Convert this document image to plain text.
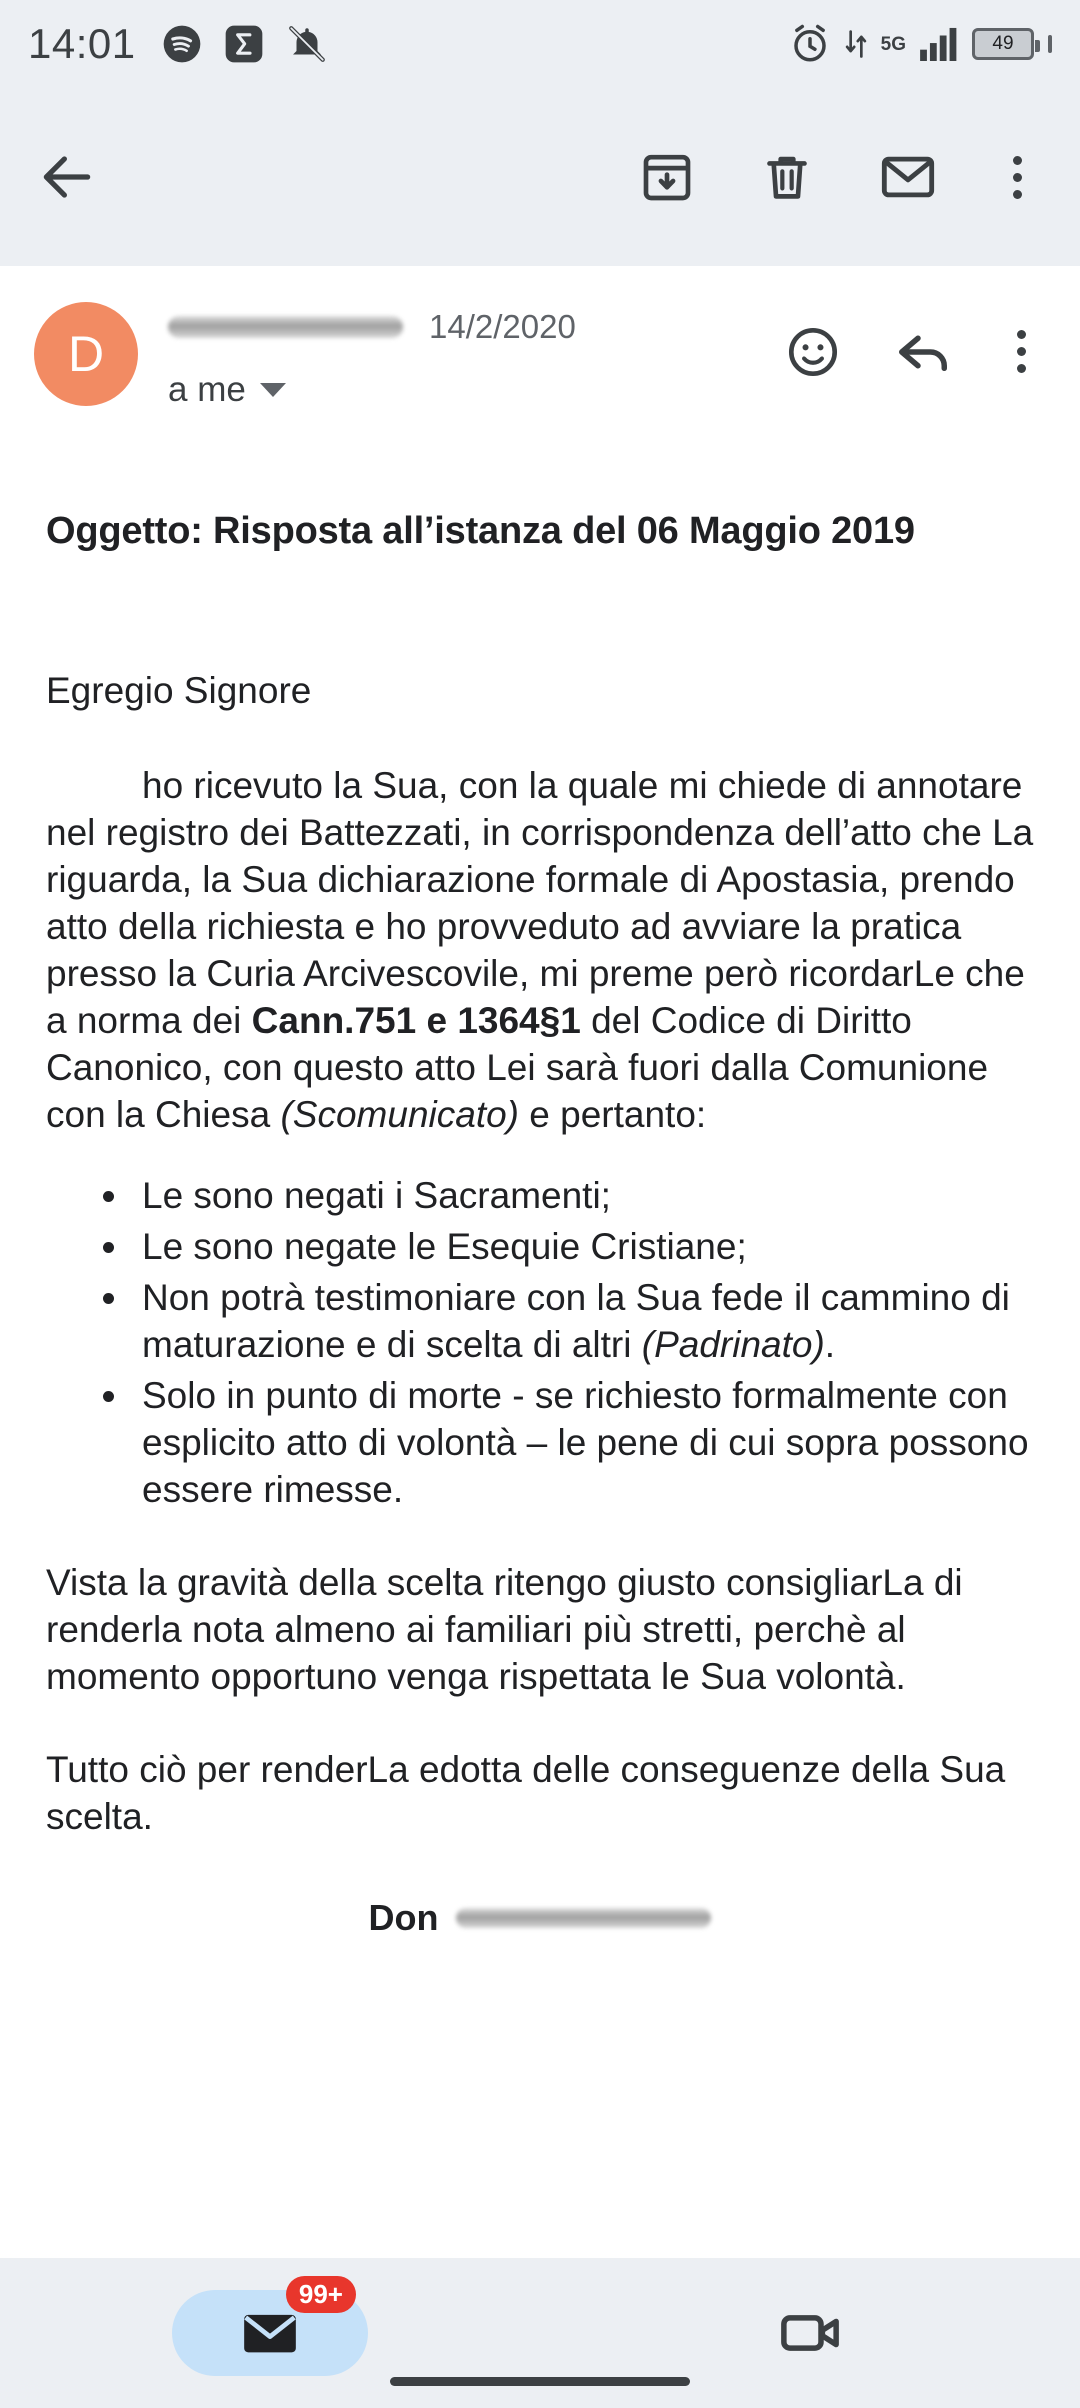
14:01	5G	49
D	14/2/2020
a me
Oggetto: Risposta all’istanza del 06 Maggio 2019
Egregio Signore
ho ricevuto la Sua, con la quale mi chiede di annotare nel registro dei Battezzati, in corrispondenza dell’atto che La riguarda, la Sua dichiarazione formale di Apostasia, prendo atto della richiesta e ho provveduto ad avviare la pratica presso la Curia Arcivescovile, mi preme però ricordarLe che a norma dei Cann.751 e 1364§1 del Codice di Diritto Canonico, con questo atto Lei sarà fuori dalla Comunione con la Chiesa (Scomunicato) e pertanto:
• Le sono negati i Sacramenti;
• Le sono negate le Esequie Cristiane;
• Non potrà testimoniare con la Sua fede il cammino di maturazione e di scelta di altri (Padrinato).
• Solo in punto di morte - se richiesto formalmente con esplicito atto di volontà – le pene di cui sopra possono essere rimesse.
Vista la gravità della scelta ritengo giusto consigliarLa di renderla nota almeno ai familiari più stretti, perchè al momento opportuno venga rispettata le Sua volontà.
Tutto ciò per renderLa edotta delle conseguenze della Sua scelta.
Don
99+
